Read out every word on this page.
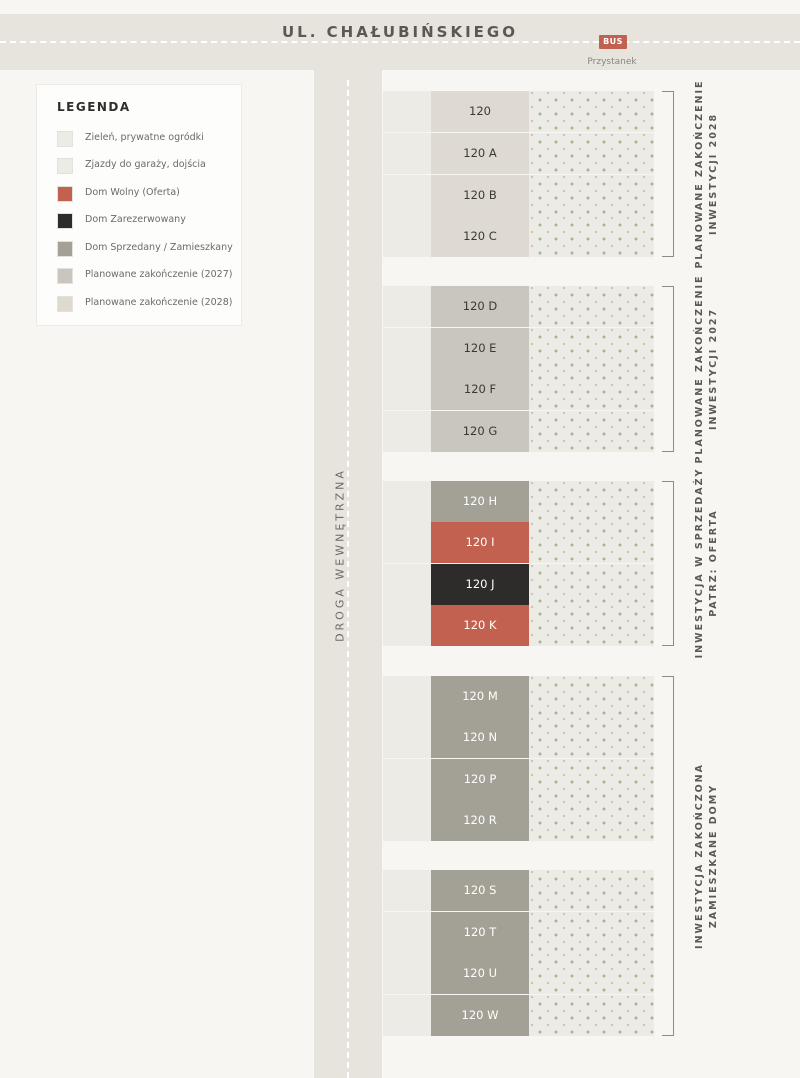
UL. CHAŁUBIŃSKIEGO
BUS
Przystanek
DROGA WEWNĘTRZNA
LEGENDA
Zieleń, prywatne ogródki
Zjazdy do garaży, dojścia
Dom Wolny (Oferta)
Dom Zarezerwowany
Dom Sprzedany / Zamieszkany
Planowane zakończenie (2027)
Planowane zakończenie (2028)
120
120 A
120 B
120 C
120 D
120 E
120 F
120 G
120 H
120 I
120 J
120 K
120 M
120 N
120 P
120 R
120 S
120 T
120 U
120 W
PLANOWANE ZAKOŃCZENIE INWESTYCJI 2028
PLANOWANE ZAKOŃCZENIE INWESTYCJI 2027
INWESTYCJA W SPRZEDAŻY PATRZ: OFERTA
INWESTYCJA ZAKOŃCZONA ZAMIESZKANE DOMY
